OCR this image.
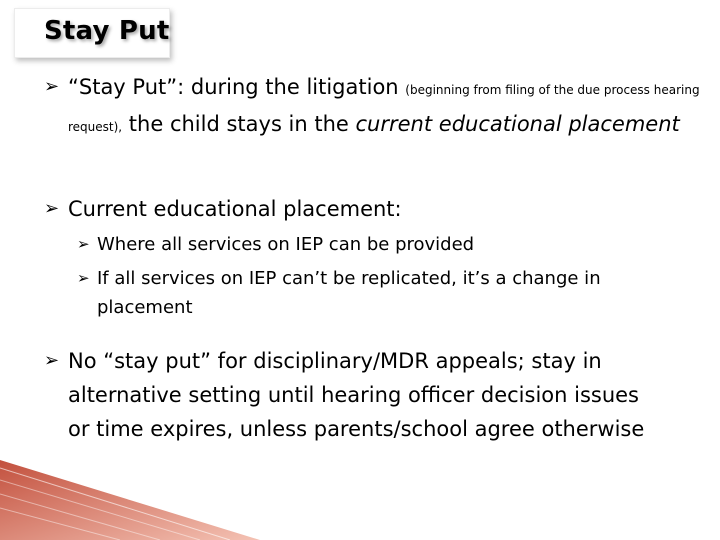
Stay Put
➢ “Stay Put”: during the litigation (beginning from filing of the due process hearing request), the child stays in the current educational placement
➢ Current educational placement:
➢ Where all services on IEP can be provided
➢ If all services on IEP can’t be replicated, it’s a change in placement
➢ No “stay put” for disciplinary/MDR appeals; stay in alternative setting until hearing officer decision issues or time expires, unless parents/school agree otherwise
